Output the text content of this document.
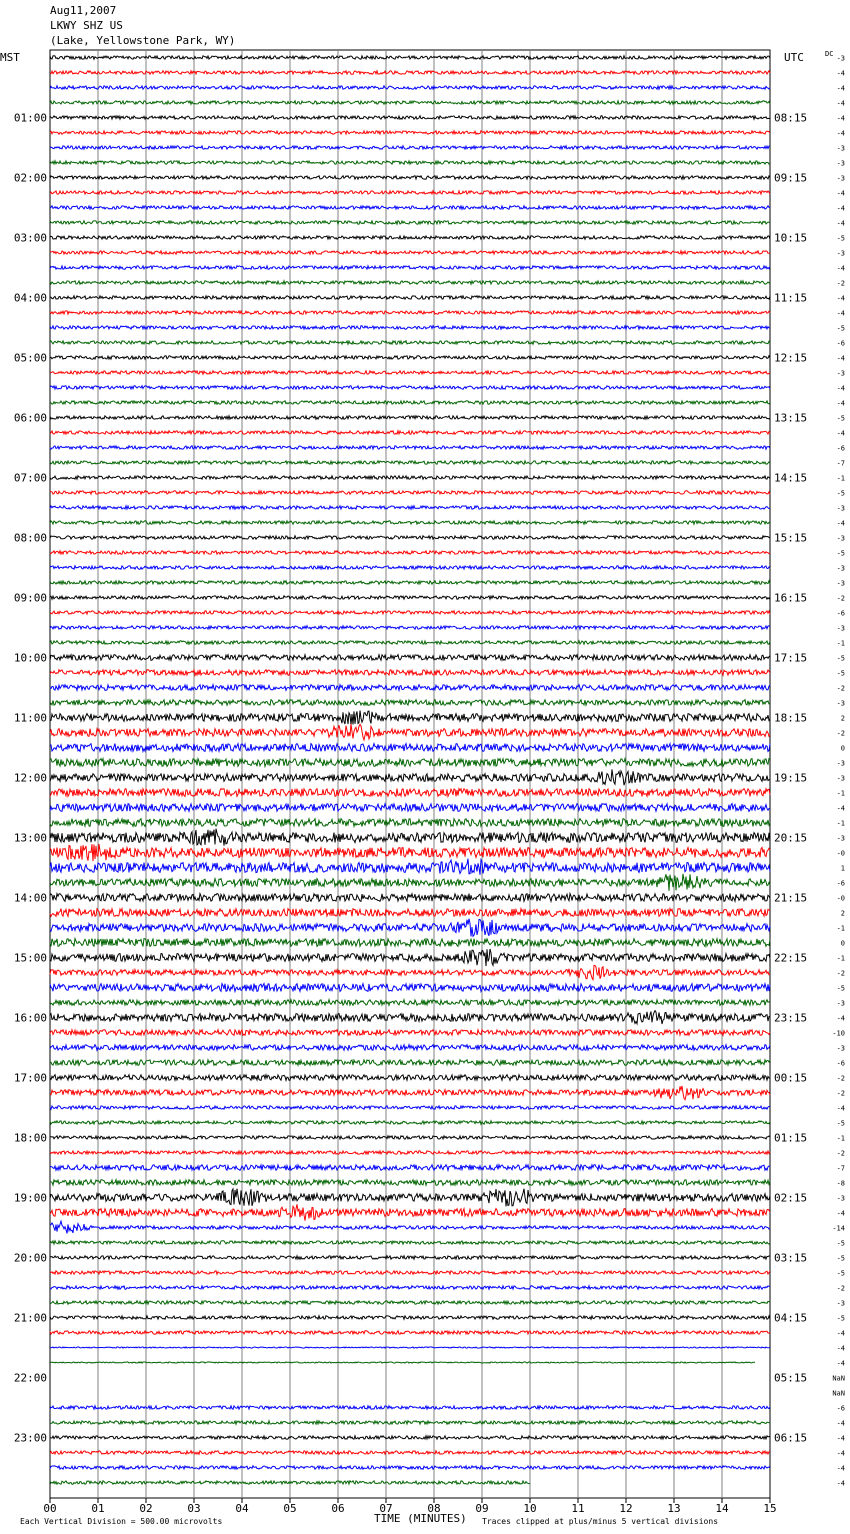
Aug11,2007
LKWY SHZ US
(Lake, Yellowstone Park, WY)
MST	UTC	DC
01:00
02:00
03:00
04:00
05:00
06:00
07:00
08:00
09:00
10:00
11:00
12:00
13:00
14:00
15:00
16:00
17:00
18:00
19:00
20:00
21:00
22:00
23:00
08:15
09:15
10:15
11:15
12:15
13:15
14:15
15:15
16:15
17:15
18:15
19:15
20:15
21:15
22:15
23:15
00:15
01:15
02:15
03:15
04:15
05:15
06:15
-3
-4
-4
-4
-4
-4
-3
-3
-3
-4
-4
-4
-5
-3
-4
-2
-4
-4
-5
-6
-4
-3
-4
-4
-5
-4
-6
-7
-1
-5
-3
-4
-3
-5
-3
-3
-2
-6
-3
-1
-5
-5
-2
-3
2
-2
0
-3
-3
-1
-4
-1
-3
-0
1
-6
-0
2
-1
0
-1
-2
-5
-3
-4
-10
-3
-6
-2
-2
-4
-5
-1
-2
-7
-8
-3
-4
-14
-5
-5
-5
-2
-3
-5
-4
-4
-4
NaN
NaN
-6
-4
-4
-4
-4
-4
00	01	02	03	04	05	06	07	08	09	10	11	12	13	14	15
Each Vertical Division = 500.00 microvolts	TIME (MINUTES) Traces clipped at plus/minus 5 vertical divisions
